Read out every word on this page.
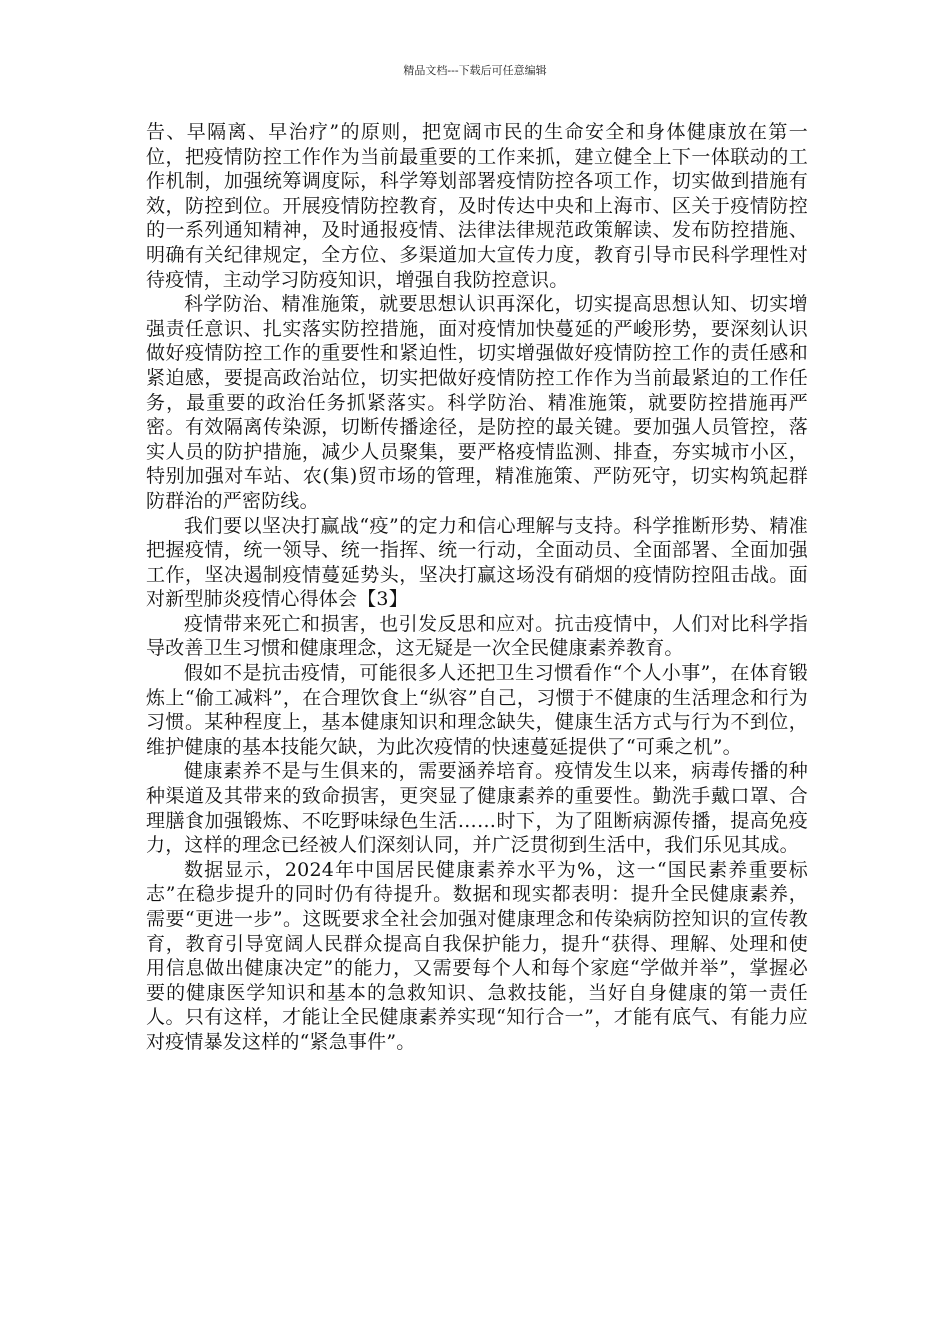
精品文档---下载后可任意编辑

告、早隔离、早治疗”的原则，把宽阔市民的生命安全和身体健康放在第一位，把疫情防控工作作为当前最重要的工作来抓，建立健全上下一体联动的工作机制，加强统筹调度际，科学筹划部署疫情防控各项工作，切实做到措施有效，防控到位。开展疫情防控教育，及时传达中央和上海市、区关于疫情防控的一系列通知精神，及时通报疫情、法律法律规范政策解读、发布防控措施、明确有关纪律规定，全方位、多渠道加大宣传力度，教育引导市民科学理性对待疫情，主动学习防疫知识，增强自我防控意识。

科学防治、精准施策，就要思想认识再深化，切实提高思想认知、切实增强责任意识、扎实落实防控措施，面对疫情加快蔓延的严峻形势，要深刻认识做好疫情防控工作的重要性和紧迫性，切实增强做好疫情防控工作的责任感和紧迫感，要提高政治站位，切实把做好疫情防控工作作为当前最紧迫的工作任务，最重要的政治任务抓紧落实。科学防治、精准施策，就要防控措施再严密。有效隔离传染源，切断传播途径，是防控的最关键。要加强人员管控，落实人员的防护措施，减少人员聚集，要严格疫情监测、排查，夯实城市小区，特别加强对车站、农(集)贸市场的管理，精准施策、严防死守，切实构筑起群防群治的严密防线。

我们要以坚决打赢战“疫”的定力和信心理解与支持。科学推断形势、精准把握疫情，统一领导、统一指挥、统一行动，全面动员、全面部署、全面加强工作，坚决遏制疫情蔓延势头，坚决打赢这场没有硝烟的疫情防控阻击战。面对新型肺炎疫情心得体会【3】

疫情带来死亡和损害，也引发反思和应对。抗击疫情中，人们对比科学指导改善卫生习惯和健康理念，这无疑是一次全民健康素养教育。

假如不是抗击疫情，可能很多人还把卫生习惯看作“个人小事”，在体育锻炼上“偷工减料”，在合理饮食上“纵容”自己，习惯于不健康的生活理念和行为习惯。某种程度上，基本健康知识和理念缺失，健康生活方式与行为不到位，维护健康的基本技能欠缺，为此次疫情的快速蔓延提供了“可乘之机”。

健康素养不是与生俱来的，需要涵养培育。疫情发生以来，病毒传播的种种渠道及其带来的致命损害，更突显了健康素养的重要性。勤洗手戴口罩、合理膳食加强锻炼、不吃野味绿色生活……时下，为了阻断病源传播，提高免疫力，这样的理念已经被人们深刻认同，并广泛贯彻到生活中，我们乐见其成。

数据显示，2024年中国居民健康素养水平为%，这一“国民素养重要标志”在稳步提升的同时仍有待提升。数据和现实都表明：提升全民健康素养，需要“更进一步”。这既要求全社会加强对健康理念和传染病防控知识的宣传教育，教育引导宽阔人民群众提高自我保护能力，提升“获得、理解、处理和使用信息做出健康决定”的能力，又需要每个人和每个家庭“学做并举”，掌握必要的健康医学知识和基本的急救知识、急救技能，当好自身健康的第一责任人。只有这样，才能让全民健康素养实现“知行合一”，才能有底气、有能力应对疫情暴发这样的“紧急事件”。
